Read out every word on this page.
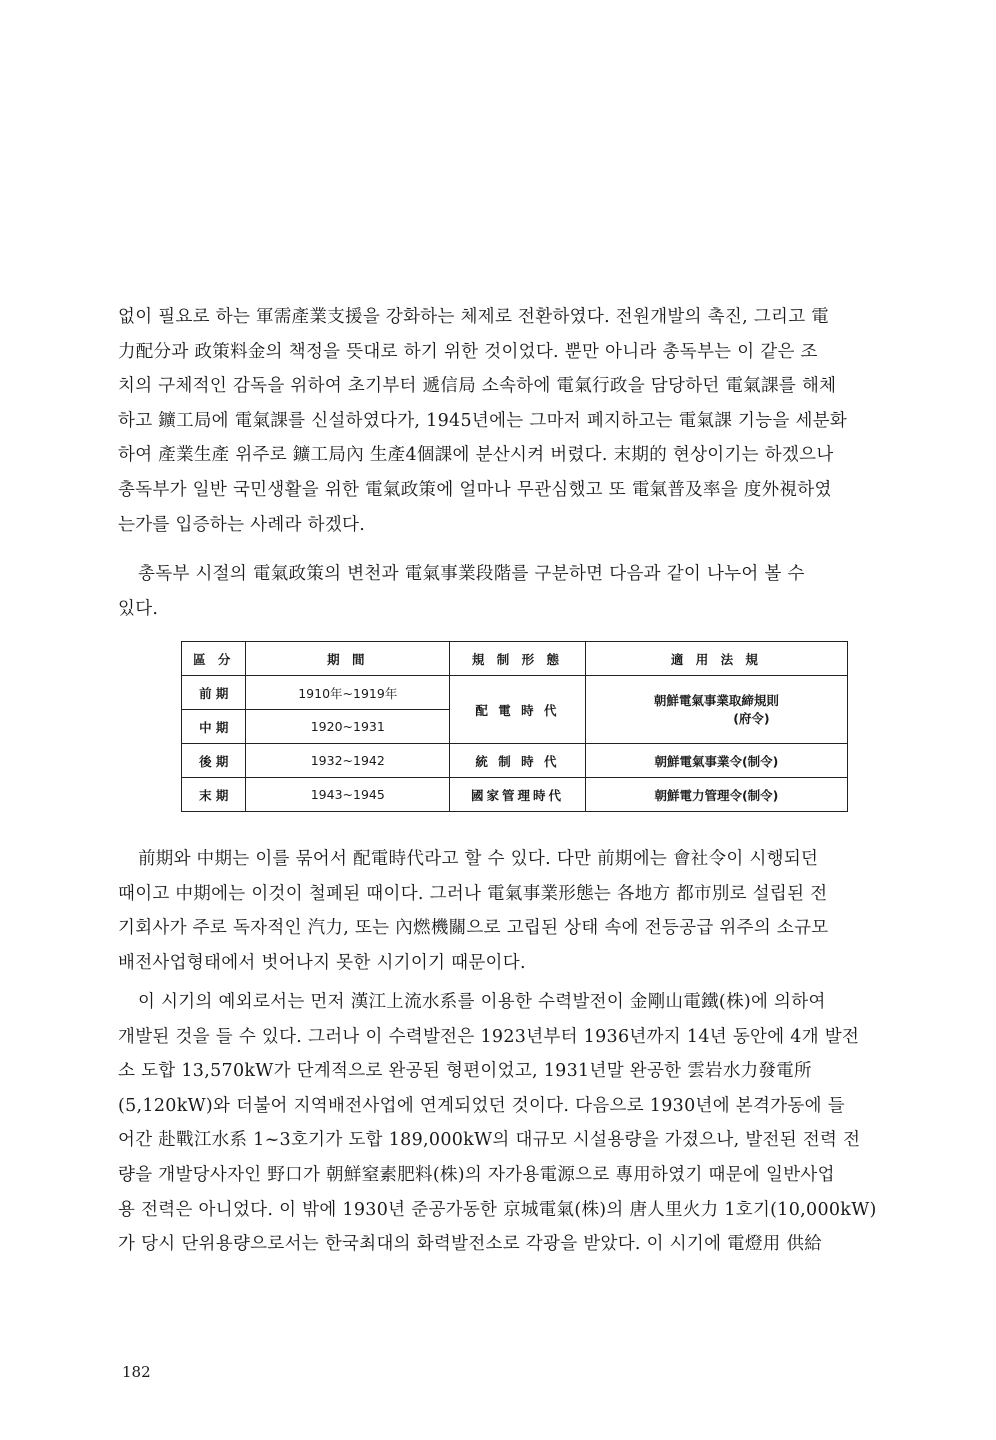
없이 필요로 하는 軍需產業支援을 강화하는 체제로 전환하였다. 전원개발의 촉진, 그리고 電
力配分과 政策料金의 책정을 뜻대로 하기 위한 것이었다. 뿐만 아니라 총독부는 이 같은 조
치의 구체적인 감독을 위하여 초기부터 遞信局 소속하에 電氣行政을 담당하던 電氣課를 해체
하고 鑛工局에 電氣課를 신설하였다가, 1945년에는 그마저 폐지하고는 電氣課 기능을 세분화
하여 產業生產 위주로 鑛工局內 生產4個課에 분산시켜 버렸다. 末期的 현상이기는 하겠으나
총독부가 일반 국민생활을 위한 電氣政策에 얼마나 무관심했고 또 電氣普及率을 度外視하였
는가를 입증하는 사례라 하겠다.
총독부 시절의 電氣政策의 변천과 電氣事業段階를 구분하면 다음과 같이 나누어 볼 수
있다.
區 分	期 間	規 制 形 態	適 用 法 規
前 期	1910年~1919年	配 電 時 代	朝鮮電氣事業取締規則
(府令)

中 期	1920~1931		
後 期	1932~1942	統 制 時 代	朝鮮電氣事業令(制令)
末 期	1943~1945	國家管理時代	朝鮮電力管理令(制令)
前期와 中期는 이를 묶어서 配電時代라고 할 수 있다. 다만 前期에는 會社令이 시행되던
때이고 中期에는 이것이 철폐된 때이다. 그러나 電氣事業形態는 各地方 都市別로 설립된 전
기회사가 주로 독자적인 汽力, 또는 內燃機關으로 고립된 상태 속에 전등공급 위주의 소규모
배전사업형태에서 벗어나지 못한 시기이기 때문이다.
이 시기의 예외로서는 먼저 漢江上流水系를 이용한 수력발전이 金剛山電鐵(株)에 의하여
개발된 것을 들 수 있다. 그러나 이 수력발전은 1923년부터 1936년까지 14년 동안에 4개 발전
소 도합 13,570kW가 단계적으로 완공된 형편이었고, 1931년말 완공한 雲岩水力發電所
(5,120kW)와 더불어 지역배전사업에 연계되었던 것이다. 다음으로 1930년에 본격가동에 들
어간 赴戰江水系 1~3호기가 도합 189,000kW의 대규모 시설용량을 가졌으나, 발전된 전력 전
량을 개발당사자인 野口가 朝鮮窒素肥料(株)의 자가용電源으로 專用하였기 때문에 일반사업
용 전력은 아니었다. 이 밖에 1930년 준공가동한 京城電氣(株)의 唐人里火力 1호기(10,000kW)
가 당시 단위용량으로서는 한국최대의 화력발전소로 각광을 받았다. 이 시기에 電燈用 供給
182
